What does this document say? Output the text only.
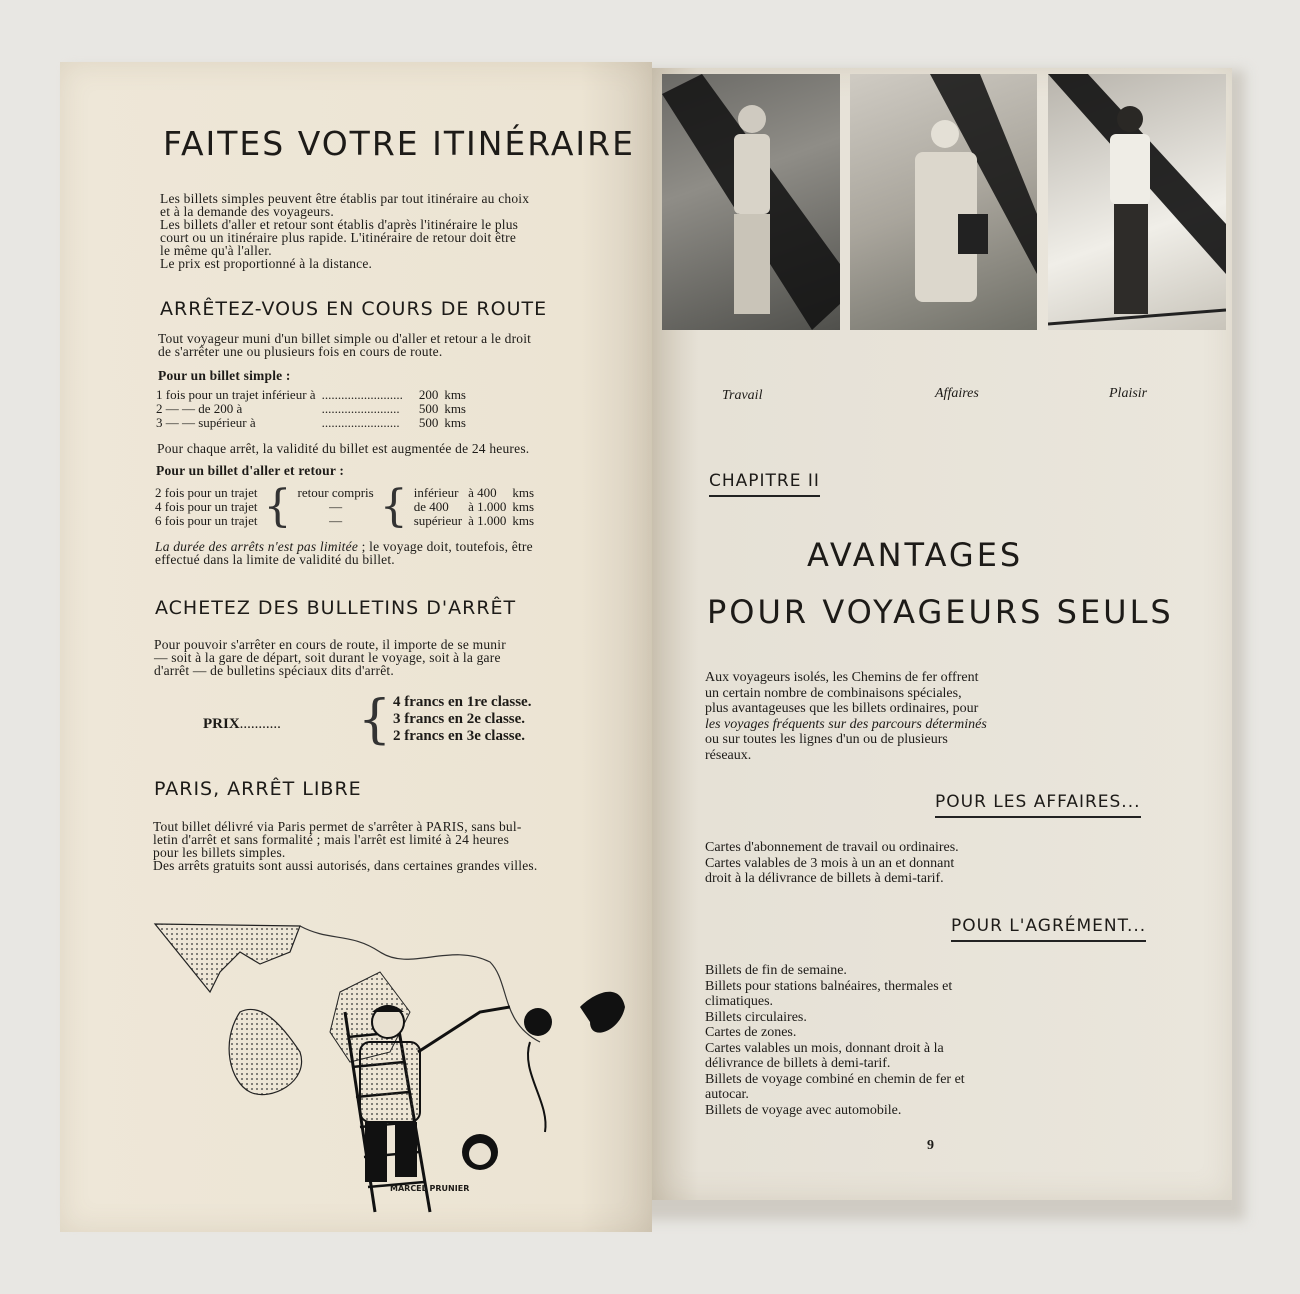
FAITES VOTRE ITINÉRAIRE
Les billets simples peuvent être établis par tout itinéraire au choix
et à la demande des voyageurs.
Les billets d'aller et retour sont établis d'après l'itinéraire le plus
court ou un itinéraire plus rapide. L'itinéraire de retour doit être
le même qu'à l'aller.
Le prix est proportionné à la distance.
ARRÊTEZ-VOUS EN COURS DE ROUTE
Tout voyageur muni d'un billet simple ou d'aller et retour a le droit
de s'arrêter une ou plusieurs fois en cours de route.
Pour un billet simple :
1 fois pour un trajet inférieur à	.........................	200	kms
2 — — de 200 à	........................	500	kms
3 — — supérieur à	........................	500	kms
Pour chaque arrêt, la validité du billet est augmentée de 24 heures.
Pour un billet d'aller et retour :
2 fois pour un trajet	{	retour compris	{	inférieur	à 400	kms
4 fois pour un trajet		—		de 400	à 1.000	kms
6 fois pour un trajet		—		supérieur	à 1.000	kms
La durée des arrêts n'est pas limitée ; le voyage doit, toutefois, être
effectué dans la limite de validité du billet.
ACHETEZ DES BULLETINS D'ARRÊT
Pour pouvoir s'arrêter en cours de route, il importe de se munir
— soit à la gare de départ, soit durant le voyage, soit à la gare
d'arrêt — de bulletins spéciaux dits d'arrêt.
PRIX........... { 4 francs en 1re classe.
3 francs en 2e classe.
2 francs en 3e classe.
PARIS, ARRÊT LIBRE
Tout billet délivré via Paris permet de s'arrêter à PARIS, sans bul-
letin d'arrêt et sans formalité ; mais l'arrêt est limité à 24 heures
pour les billets simples.
Des arrêts gratuits sont aussi autorisés, dans certaines grandes villes.
MARCEL PRUNIER
Travail	Affaires	Plaisir
CHAPITRE II
AVANTAGES
POUR VOYAGEURS SEULS
Aux voyageurs isolés, les Chemins de fer offrent
un certain nombre de combinaisons spéciales,
plus avantageuses que les billets ordinaires, pour
les voyages fréquents sur des parcours déterminés
ou sur toutes les lignes d'un ou de plusieurs
réseaux.
POUR LES AFFAIRES...
Cartes d'abonnement de travail ou ordinaires.
Cartes valables de 3 mois à un an et donnant
droit à la délivrance de billets à demi-tarif.
POUR L'AGRÉMENT...
Billets de fin de semaine.
Billets pour stations balnéaires, thermales et
climatiques.
Billets circulaires.
Cartes de zones.
Cartes valables un mois, donnant droit à la
délivrance de billets à demi-tarif.
Billets de voyage combiné en chemin de fer et
autocar.
Billets de voyage avec automobile.
9
